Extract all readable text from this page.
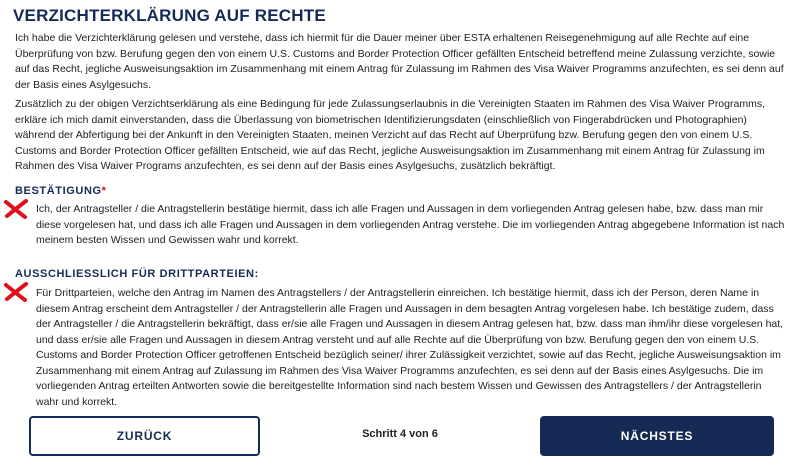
VERZICHTERKLÄRUNG AUF RECHTE

Ich habe die Verzichterklärung gelesen und verstehe, dass ich hiermit für die Dauer meiner über ESTA erhaltenen Reisegenehmigung auf alle Rechte auf eine Überprüfung von bzw. Berufung gegen den von einem U.S. Customs and Border Protection Officer gefällten Entscheid betreffend meine Zulassung verzichte, sowie auf das Recht, jegliche Ausweisungsaktion im Zusammenhang mit einem Antrag für Zulassung im Rahmen des Visa Waiver Programms anzufechten, es sei denn auf der Basis eines Asylgesuchs.

Zusätzlich zu der obigen Verzichtserklärung als eine Bedingung für jede Zulassungserlaubnis in die Vereinigten Staaten im Rahmen des Visa Waiver Programms, erkläre ich mich damit einverstanden, dass die Überlassung von biometrischen Identifizierungsdaten (einschließlich von Fingerabdrücken und Photographien) während der Abfertigung bei der Ankunft in den Vereinigten Staaten, meinen Verzicht auf das Recht auf Überprüfung bzw. Berufung gegen den von einem U.S. Customs and Border Protection Officer gefällten Entscheid, wie auf das Recht, jegliche Ausweisungsaktion im Zusammenhang mit einem Antrag für Zulassung im Rahmen des Visa Waiver Programs anzufechten, es sei denn auf der Basis eines Asylgesuchs, zusätzlich bekräftigt.

BESTÄTIGUNG*

Ich, der Antragsteller / die Antragstellerin bestätige hiermit, dass ich alle Fragen und Aussagen in dem vorliegenden Antrag gelesen habe, bzw. dass man mir diese vorgelesen hat, und dass ich alle Fragen und Aussagen in dem vorliegenden Antrag verstehe. Die im vorliegenden Antrag abgegebene Information ist nach meinem besten Wissen und Gewissen wahr und korrekt.

AUSSCHLIESSLICH FÜR DRITTPARTEIEN:

Für Drittparteien, welche den Antrag im Namen des Antragstellers / der Antragstellerin einreichen. Ich bestätige hiermit, dass ich der Person, deren Name in diesem Antrag erscheint dem Antragsteller / der Antragstellerin alle Fragen und Aussagen in dem besagten Antrag vorgelesen habe. Ich bestätige zudem, dass der Antragsteller / die Antragstellerin bekräftigt, dass er/sie alle Fragen und Aussagen in diesem Antrag gelesen hat, bzw. dass man ihm/ihr diese vorgelesen hat, und dass er/sie alle Fragen und Aussagen in diesem Antrag versteht und auf alle Rechte auf die Überprüfung von bzw. Berufung gegen den von einem U.S. Customs and Border Protection Officer getroffenen Entscheid bezüglich seiner/ ihrer Zulässigkeit verzichtet, sowie auf das Recht, jegliche Ausweisungsaktion im Zusammenhang mit einem Antrag auf Zulassung im Rahmen des Visa Waiver Programms anzufechten, es sei denn auf der Basis eines Asylgesuchs. Die im vorliegenden Antrag erteilten Antworten sowie die bereitgestellte Information sind nach bestem Wissen und Gewissen des Antragstellers / der Antragstellerin wahr und korrekt.

ZURÜCK	Schritt 4 von 6	NÄCHSTES
